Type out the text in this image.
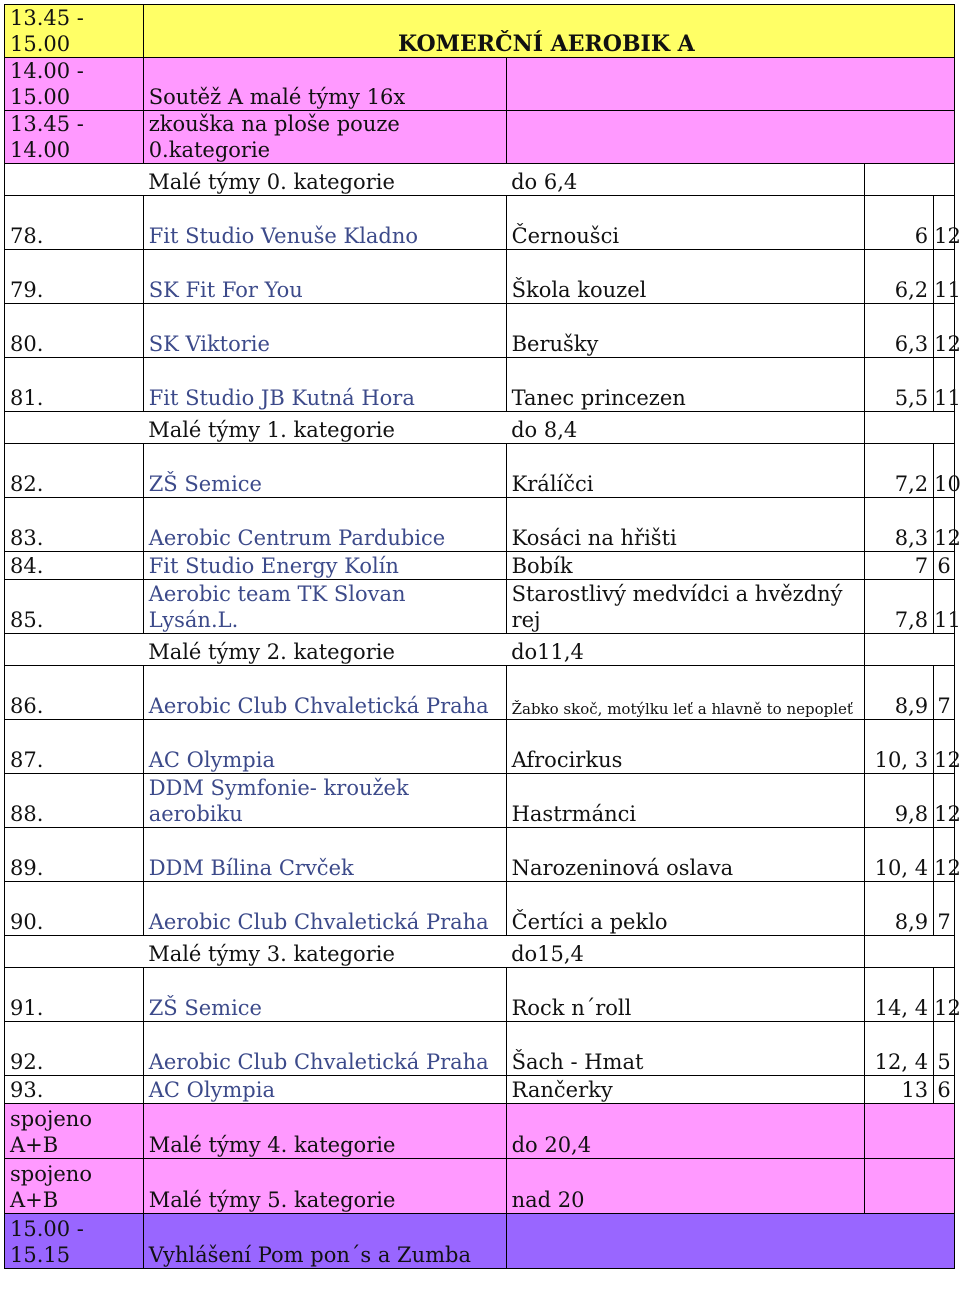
13.45 - 15.00	KOMERČNÍ AEROBIK A			
14.00 - 15.00	Soutěž A malé týmy 16x			
13.45 - 14.00	zkouška na ploše pouze 0.kategorie			
	Malé týmy 0. kategorie	do 6,4		
78.	Fit Studio Venuše Kladno	Černoušci	6	12
79.	SK Fit For You	Škola kouzel	6,2	11
80.	SK Viktorie	Berušky	6,3	12
81.	Fit Studio JB Kutná Hora	Tanec princezen	5,5	11
	Malé týmy 1. kategorie	do 8,4		
82.	ZŠ Semice	Králíčci	7,2	10
83.	Aerobic Centrum Pardubice	Kosáci na hřišti	8,3	12
84.	Fit Studio Energy Kolín	Bobík	7	6
85.	Aerobic team TK Slovan Lysán.L.	Starostlivý medvídci a hvězdný rej	7,8	11
	Malé týmy 2. kategorie	do11,4		
86.	Aerobic Club Chvaletická Praha	Žabko skoč, motýlku leť a hlavně to nepopleť	8,9	7
87.	AC Olympia	Afrocirkus	10, 3	12
88.	DDM Symfonie- kroužek aerobiku	Hastrmánci	9,8	12
89.	DDM Bílina Crvček	Narozeninová oslava	10, 4	12
90.	Aerobic Club Chvaletická Praha	Čertíci a peklo	8,9	7
	Malé týmy 3. kategorie	do15,4		
91.	ZŠ Semice	Rock n´roll	14, 4	12
92.	Aerobic Club Chvaletická Praha	Šach - Hmat	12, 4	5
93.	AC Olympia	Rančerky	13	6
spojeno A+B	Malé týmy 4. kategorie	do 20,4		
spojeno A+B	Malé týmy 5. kategorie	nad 20		
15.00 - 15.15	Vyhlášení Pom pon´s a Zumba			
